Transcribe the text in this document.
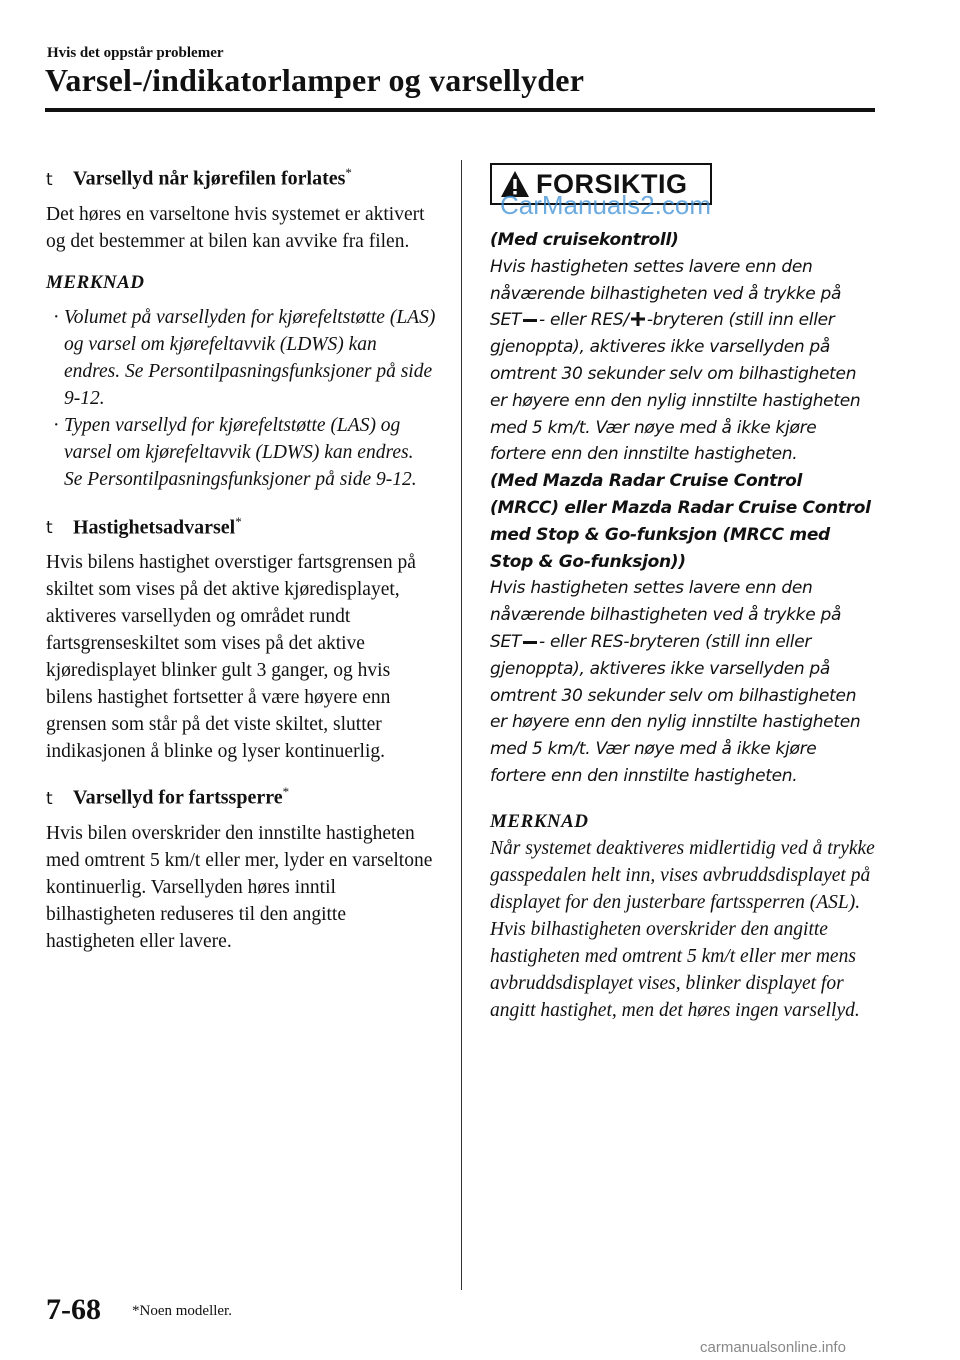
Hvis det oppstår problemer
Varsel-/indikatorlamper og varsellyder
t	Varsellyd når kjørefilen forlates*

Det høres en varseltone hvis systemet er aktivert og det bestemmer at bilen kan avvike fra filen.

MERKNAD
· Volumet på varsellyden for kjørefeltstøtte (LAS) og varsel om kjørefeltavvik (LDWS) kan endres. Se Persontilpasningsfunksjoner på side 9-12.
· Typen varsellyd for kjørefeltstøtte (LAS) og varsel om kjørefeltavvik (LDWS) kan endres. Se Persontilpasningsfunksjoner på side 9-12.
t	Hastighetsadvarsel*

Hvis bilens hastighet overstiger fartsgrensen på skiltet som vises på det aktive kjøredisplayet, aktiveres varsellyden og området rundt fartsgrenseskiltet som vises på det aktive kjøredisplayet blinker gult 3 ganger, og hvis bilens hastighet fortsetter å være høyere enn grensen som står på det viste skiltet, slutter indikasjonen å blinke og lyser kontinuerlig.

t	Varsellyd for fartssperre*

Hvis bilen overskrider den innstilte hastigheten med omtrent 5 km/t eller mer, lyder en varseltone kontinuerlig. Varsellyden høres inntil bilhastigheten reduseres til den angitte hastigheten eller lavere.

FORSIKTIG

(Med cruisekontroll)

Hvis hastigheten settes lavere enn den nåværende bilhastigheten ved å trykke på SET - eller RES/ -bryteren (still inn eller gjenoppta), aktiveres ikke varsellyden på omtrent 30 sekunder selv om bilhastigheten er høyere enn den nylig innstilte hastigheten med 5 km/t. Vær nøye med å ikke kjøre fortere enn den innstilte hastigheten.

(Med Mazda Radar Cruise Control (MRCC) eller Mazda Radar Cruise Control med Stop & Go-funksjon (MRCC med Stop & Go-funksjon))

Hvis hastigheten settes lavere enn den nåværende bilhastigheten ved å trykke på SET - eller RES-bryteren (still inn eller gjenoppta), aktiveres ikke varsellyden på omtrent 30 sekunder selv om bilhastigheten er høyere enn den nylig innstilte hastigheten med 5 km/t. Vær nøye med å ikke kjøre fortere enn den innstilte hastigheten.

MERKNAD

Når systemet deaktiveres midlertidig ved å trykke gasspedalen helt inn, vises avbruddsdisplayet på displayet for den justerbare fartssperren (ASL). Hvis bilhastigheten overskrider den angitte hastigheten med omtrent 5 km/t eller mer mens avbruddsdisplayet vises, blinker displayet for angitt hastighet, men det høres ingen varsellyd.

CarManuals2.com
7-68 *Noen modeller.
carmanualsonline.info
